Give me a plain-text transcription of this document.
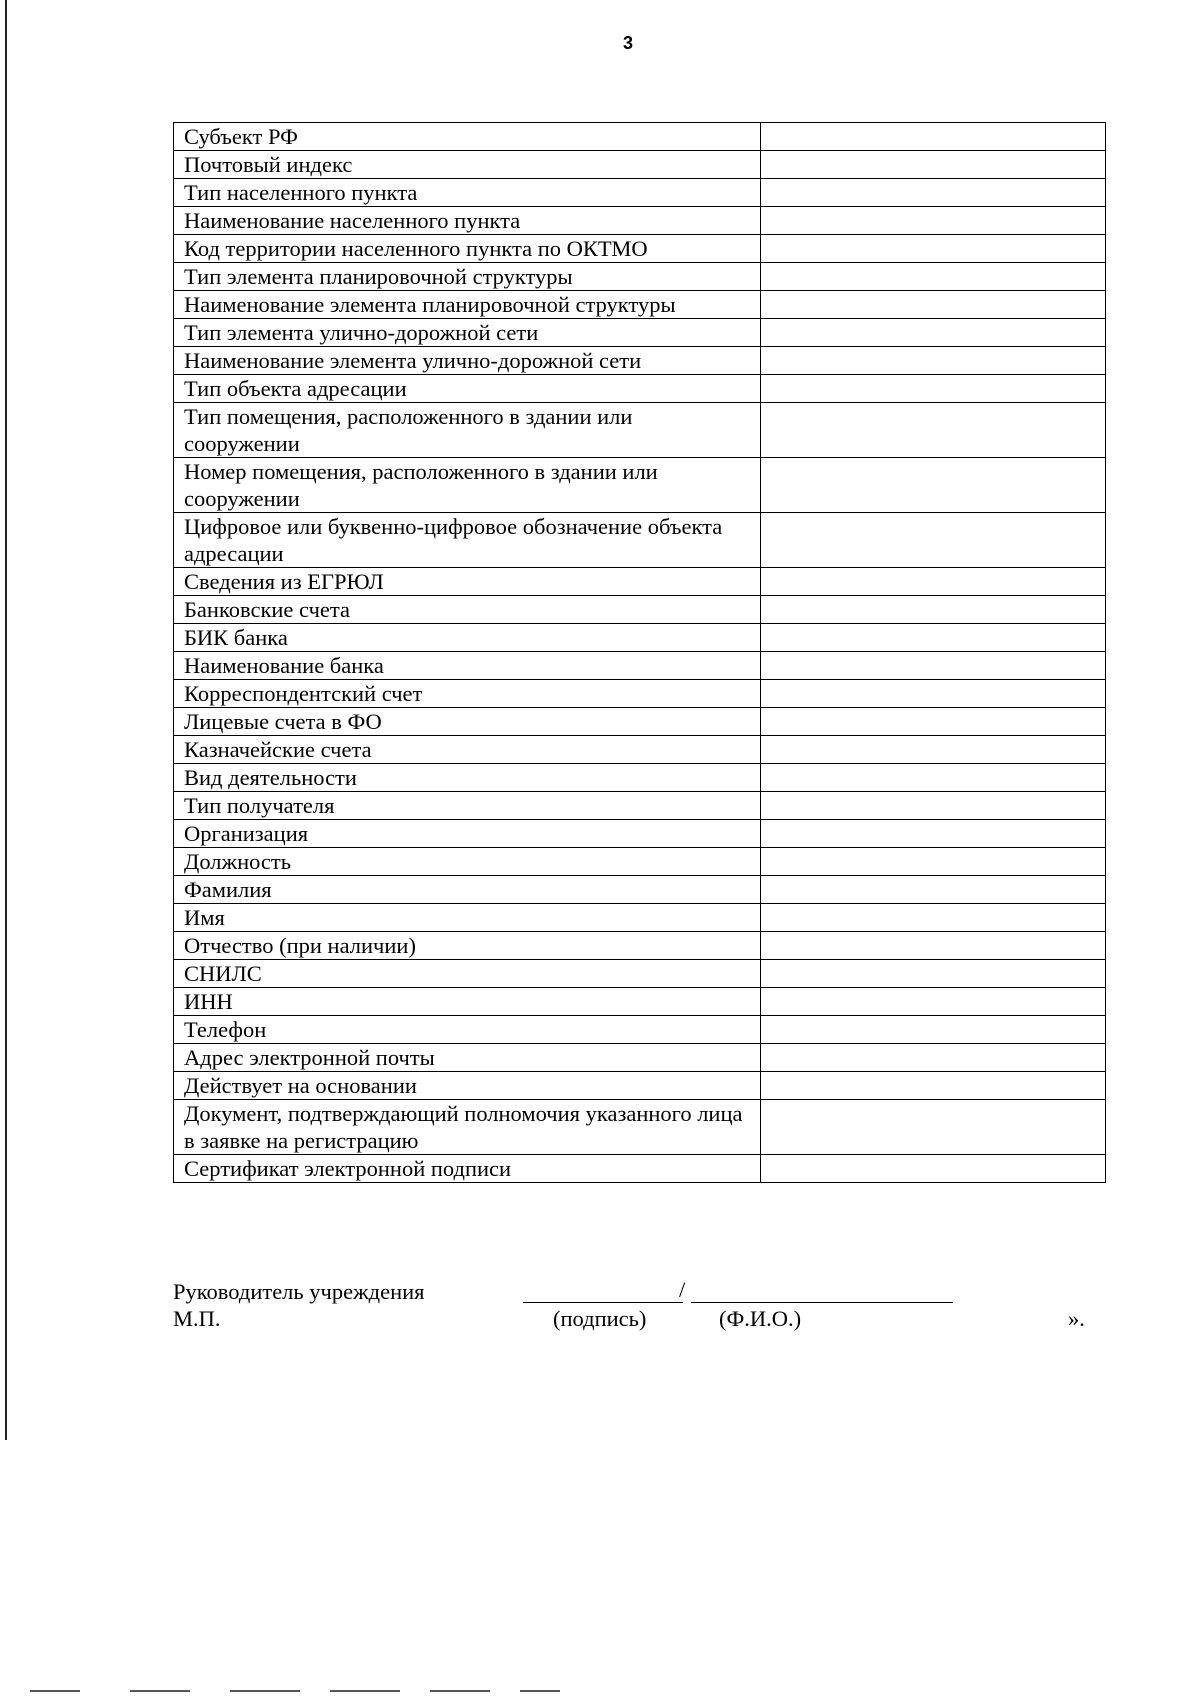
3
Субъект РФ	
Почтовый индекс	
Тип населенного пункта	
Наименование населенного пункта	
Код территории населенного пункта по ОКТМО	
Тип элемента планировочной структуры	
Наименование элемента планировочной структуры	
Тип элемента улично-дорожной сети	
Наименование элемента улично-дорожной сети	
Тип объекта адресации	
Тип помещения, расположенного в здании или сооружении	
Номер помещения, расположенного в здании или сооружении	
Цифровое или буквенно-цифровое обозначение объекта адресации	
Сведения из ЕГРЮЛ	
Банковские счета	
БИК банка	
Наименование банка	
Корреспондентский счет	
Лицевые счета в ФО	
Казначейские счета	
Вид деятельности	
Тип получателя	
Организация	
Должность	
Фамилия	
Имя	
Отчество (при наличии)	
СНИЛС	
ИНН	
Телефон	
Адрес электронной почты	
Действует на основании	
Документ, подтверждающий полномочия указанного лица в заявке на регистрацию	
Сертификат электронной подписи	
Руководитель учреждения
М.П.
/
(подпись)	(Ф.И.О.)	».
